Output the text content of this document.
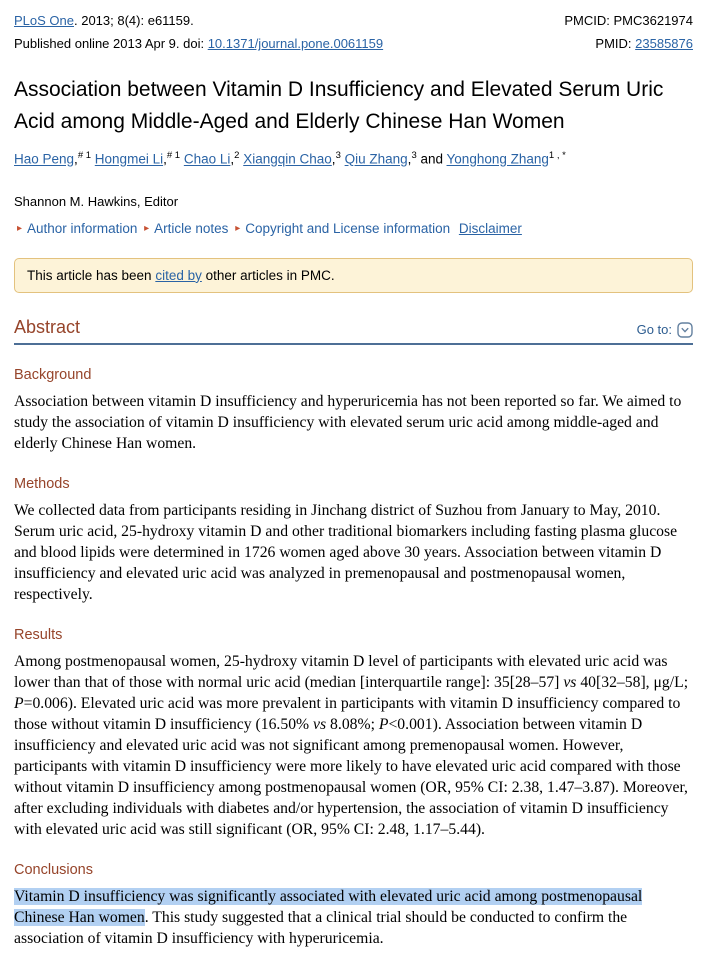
PLoS One. 2013; 8(4): e61159.	PMCID: PMC3621974
Published online 2013 Apr 9. doi: 10.1371/journal.pone.0061159	PMID: 23585876
Association between Vitamin D Insufficiency and Elevated Serum Uric Acid among Middle-Aged and Elderly Chinese Han Women
Hao Peng,$^{\# 1}$ Hongmei Li,$^{\# 1}$ Chao Li,$^2$ Xiangqin Chao,$^3$ Qiu Zhang,$^3$ and Yonghong Zhang$^{1 , *}$
Shannon M. Hawkins, Editor
▸ Author information ▸ Article notes ▸ Copyright and License information Disclaimer
This article has been cited by other articles in PMC.
Abstract	Go to:
Background

Association between vitamin D insufficiency and hyperuricemia has not been reported so far. We aimed to study the association of vitamin D insufficiency with elevated serum uric acid among middle-aged and elderly Chinese Han women.

Methods

We collected data from participants residing in Jinchang district of Suzhou from January to May, 2010. Serum uric acid, 25-hydroxy vitamin D and other traditional biomarkers including fasting plasma glucose and blood lipids were determined in 1726 women aged above 30 years. Association between vitamin D insufficiency and elevated uric acid was analyzed in premenopausal and postmenopausal women, respectively.

Results

Among postmenopausal women, 25-hydroxy vitamin D level of participants with elevated uric acid was lower than that of those with normal uric acid (median [interquartile range]: 35[28–57] vs 40[32–58], μg/L; P=0.006). Elevated uric acid was more prevalent in participants with vitamin D insufficiency compared to those without vitamin D insufficiency (16.50% vs 8.08%; P<0.001). Association between vitamin D insufficiency and elevated uric acid was not significant among premenopausal women. However, participants with vitamin D insufficiency were more likely to have elevated uric acid compared with those without vitamin D insufficiency among postmenopausal women (OR, 95% CI: 2.38, 1.47–3.87). Moreover, after excluding individuals with diabetes and/or hypertension, the association of vitamin D insufficiency with elevated uric acid was still significant (OR, 95% CI: 2.48, 1.17–5.44).

Conclusions

Vitamin D insufficiency was significantly associated with elevated uric acid among postmenopausal Chinese Han women. This study suggested that a clinical trial should be conducted to confirm the association of vitamin D insufficiency with hyperuricemia.
